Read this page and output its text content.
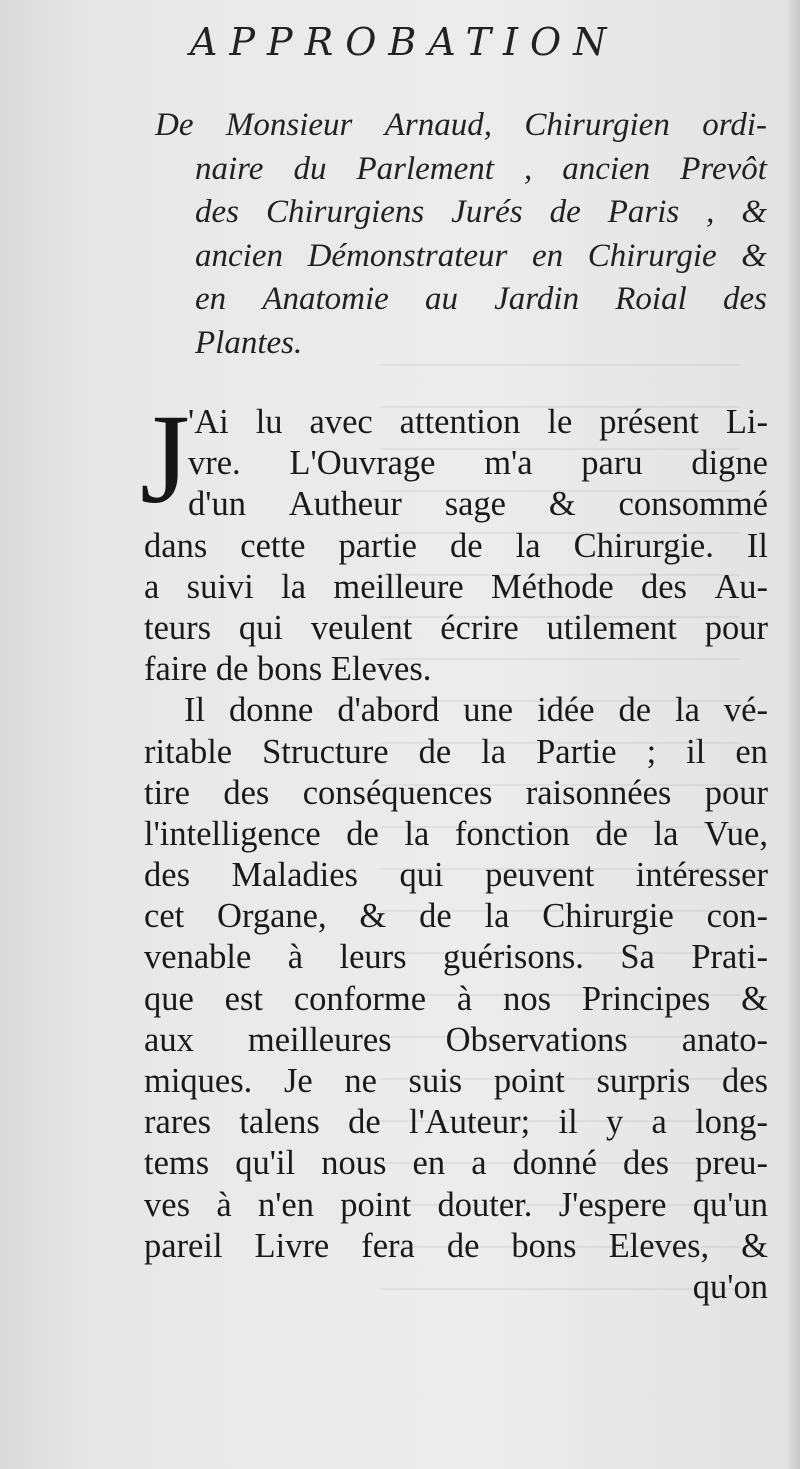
APPROBATION
De Monsieur Arnaud, Chirurgien ordi-
naire du Parlement , ancien Prevôt
des Chirurgiens Jurés de Paris , &
ancien Démonstrateur en Chirurgie &
en Anatomie au Jardin Roial des
Plantes.
J
'Ai lu avec attention le présent Li-
vre. L'Ouvrage m'a paru digne
d'un Autheur sage & consommé
dans cette partie de la Chirurgie. Il
a suivi la meilleure Méthode des Au-
teurs qui veulent écrire utilement pour
faire de bons Eleves.
Il donne d'abord une idée de la vé-
ritable Structure de la Partie ; il en
tire des conséquences raisonnées pour
l'intelligence de la fonction de la Vue,
des Maladies qui peuvent intéresser
cet Organe, & de la Chirurgie con-
venable à leurs guérisons. Sa Prati-
que est conforme à nos Principes &
aux meilleures Observations anato-
miques. Je ne suis point surpris des
rares talens de l'Auteur; il y a long-
tems qu'il nous en a donné des preu-
ves à n'en point douter. J'espere qu'un
pareil Livre fera de bons Eleves, &
qu'on
